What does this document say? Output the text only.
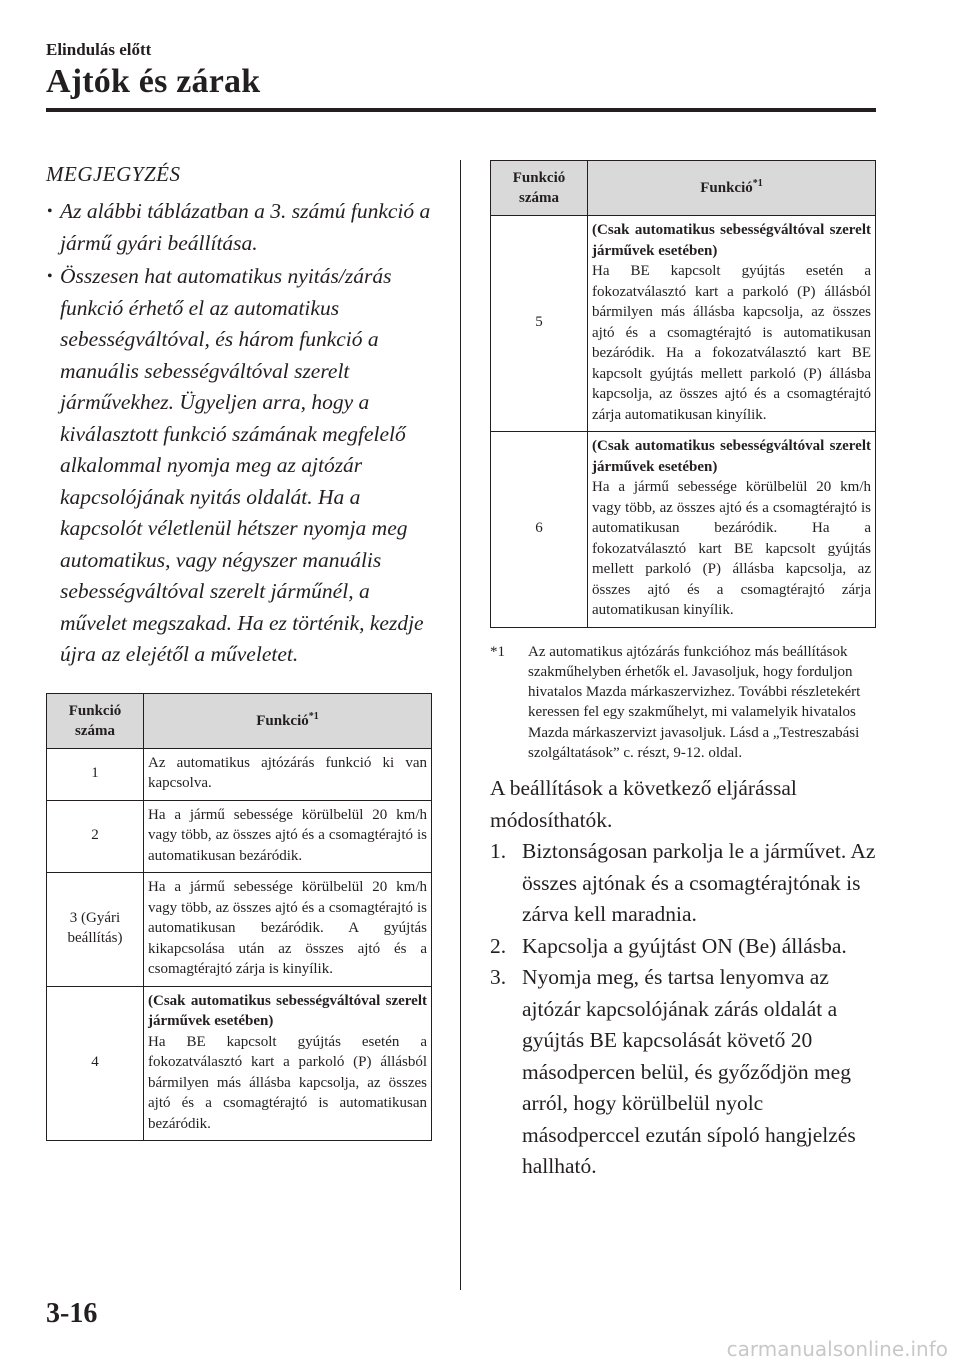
Elindulás előtt
Ajtók és zárak
MEGJEGYZÉS
• Az alábbi táblázatban a 3. számú funkció a jármű gyári beállítása.
• Összesen hat automatikus nyitás/zárás funkció érhető el az automatikus sebességváltóval, és három funkció a manuális sebességváltóval szerelt járművekhez. Ügyeljen arra, hogy a kiválasztott funkció számának megfelelő alkalommal nyomja meg az ajtózár kapcsolójának nyitás oldalát. Ha a kapcsolót véletlenül hétszer nyomja meg automatikus, vagy négyszer manuális sebességváltóval szerelt járműnél, a művelet megszakad. Ha ez történik, kezdje újra az elejétől a műveletet.
Funkció száma	Funkció$^{*1}$
1	Az automatikus ajtózárás funkció ki van kapcsolva.
2	Ha a jármű sebessége körülbelül 20 km/h vagy több, az összes ajtó és a csomagtérajtó is automatikusan bezáródik.
3 (Gyári beállítás)	Ha a jármű sebessége körülbelül 20 km/h vagy több, az összes ajtó és a csomagtérajtó is automatikusan bezáródik. A gyújtás kikapcsolása után az összes ajtó és a csomagtérajtó zárja is kinyílik.
4	(Csak automatikus sebességváltóval szerelt járművek esetében)
Ha BE kapcsolt gyújtás esetén a fokozatválasztó kart a parkoló (P) állásból bármilyen más állásba kapcsolja, az összes ajtó és a csomagtérajtó is automatikusan bezáródik.
Funkció száma	Funkció$^{*1}$
5	(Csak automatikus sebességváltóval szerelt járművek esetében)
Ha BE kapcsolt gyújtás esetén a fokozatválasztó kart a parkoló (P) állásból bármilyen más állásba kapcsolja, az összes ajtó és a csomagtérajtó is automatikusan bezáródik. Ha a fokozatválasztó kart BE kapcsolt gyújtás mellett parkoló (P) állásba kapcsolja, az összes ajtó és a csomagtérajtó zárja automatikusan kinyílik.
6	(Csak automatikus sebességváltóval szerelt járművek esetében)
Ha a jármű sebessége körülbelül 20 km/h vagy több, az összes ajtó és a csomagtérajtó is automatikusan bezáródik. Ha a fokozatválasztó kart BE kapcsolt gyújtás mellett parkoló (P) állásba kapcsolja, az összes ajtó és a csomagtérajtó zárja automatikusan kinyílik.
*1 Az automatikus ajtózárás funkcióhoz más beállítások szakműhelyben érhetők el. Javasoljuk, hogy forduljon hivatalos Mazda márkaszervizhez. További részletekért keressen fel egy szakműhelyt, mi valamelyik hivatalos Mazda márkaszervizt javasoljuk. Lásd a „Testreszabási szolgáltatások” c. részt, 9-12. oldal.
A beállítások a következő eljárással módosíthatók.
1. Biztonságosan parkolja le a járművet. Az összes ajtónak és a csomagtérajtónak is zárva kell maradnia.
2. Kapcsolja a gyújtást ON (Be) állásba.
3. Nyomja meg, és tartsa lenyomva az ajtózár kapcsolójának zárás oldalát a gyújtás BE kapcsolását követő 20 másodpercen belül, és győződjön meg arról, hogy körülbelül nyolc másodperccel ezután sípoló hangjelzés hallható.
3-16
carmanualsonline.info
